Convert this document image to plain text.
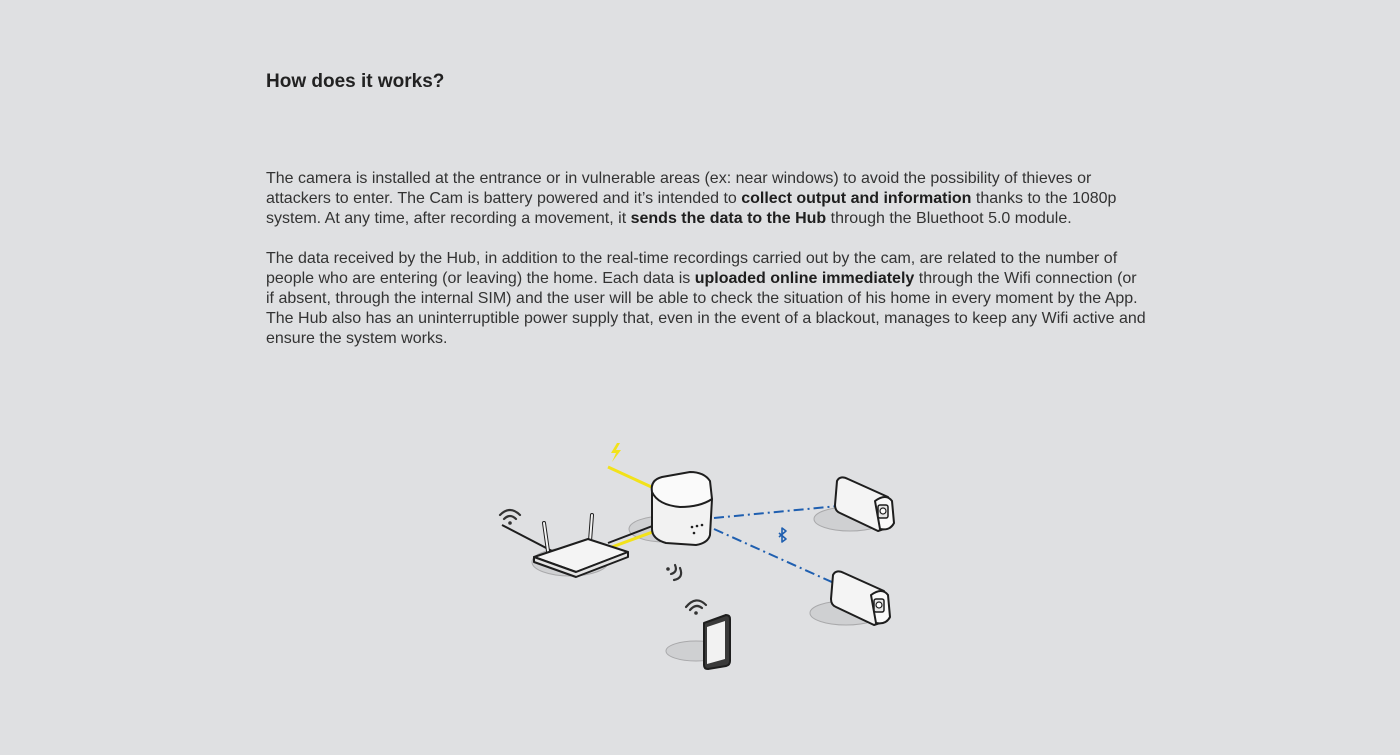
How does it works?

The camera is installed at the entrance or in vulnerable areas (ex: near windows) to avoid the possibility of thieves or attackers to enter. The Cam is battery powered and it’s intended to collect output and information thanks to the 1080p system. At any time, after recording a movement, it sends the data to the Hub through the Bluethoot 5.0 module.

The data received by the Hub, in addition to the real-time recordings carried out by the cam, are related to the number of people who are entering (or leaving) the home. Each data is uploaded online immediately through the Wifi connection (or if absent, through the internal SIM) and the user will be able to check the situation of his home in every moment by the App. The Hub also has an uninterruptible power supply that, even in the event of a blackout, manages to keep any Wifi active and ensure the system works.
